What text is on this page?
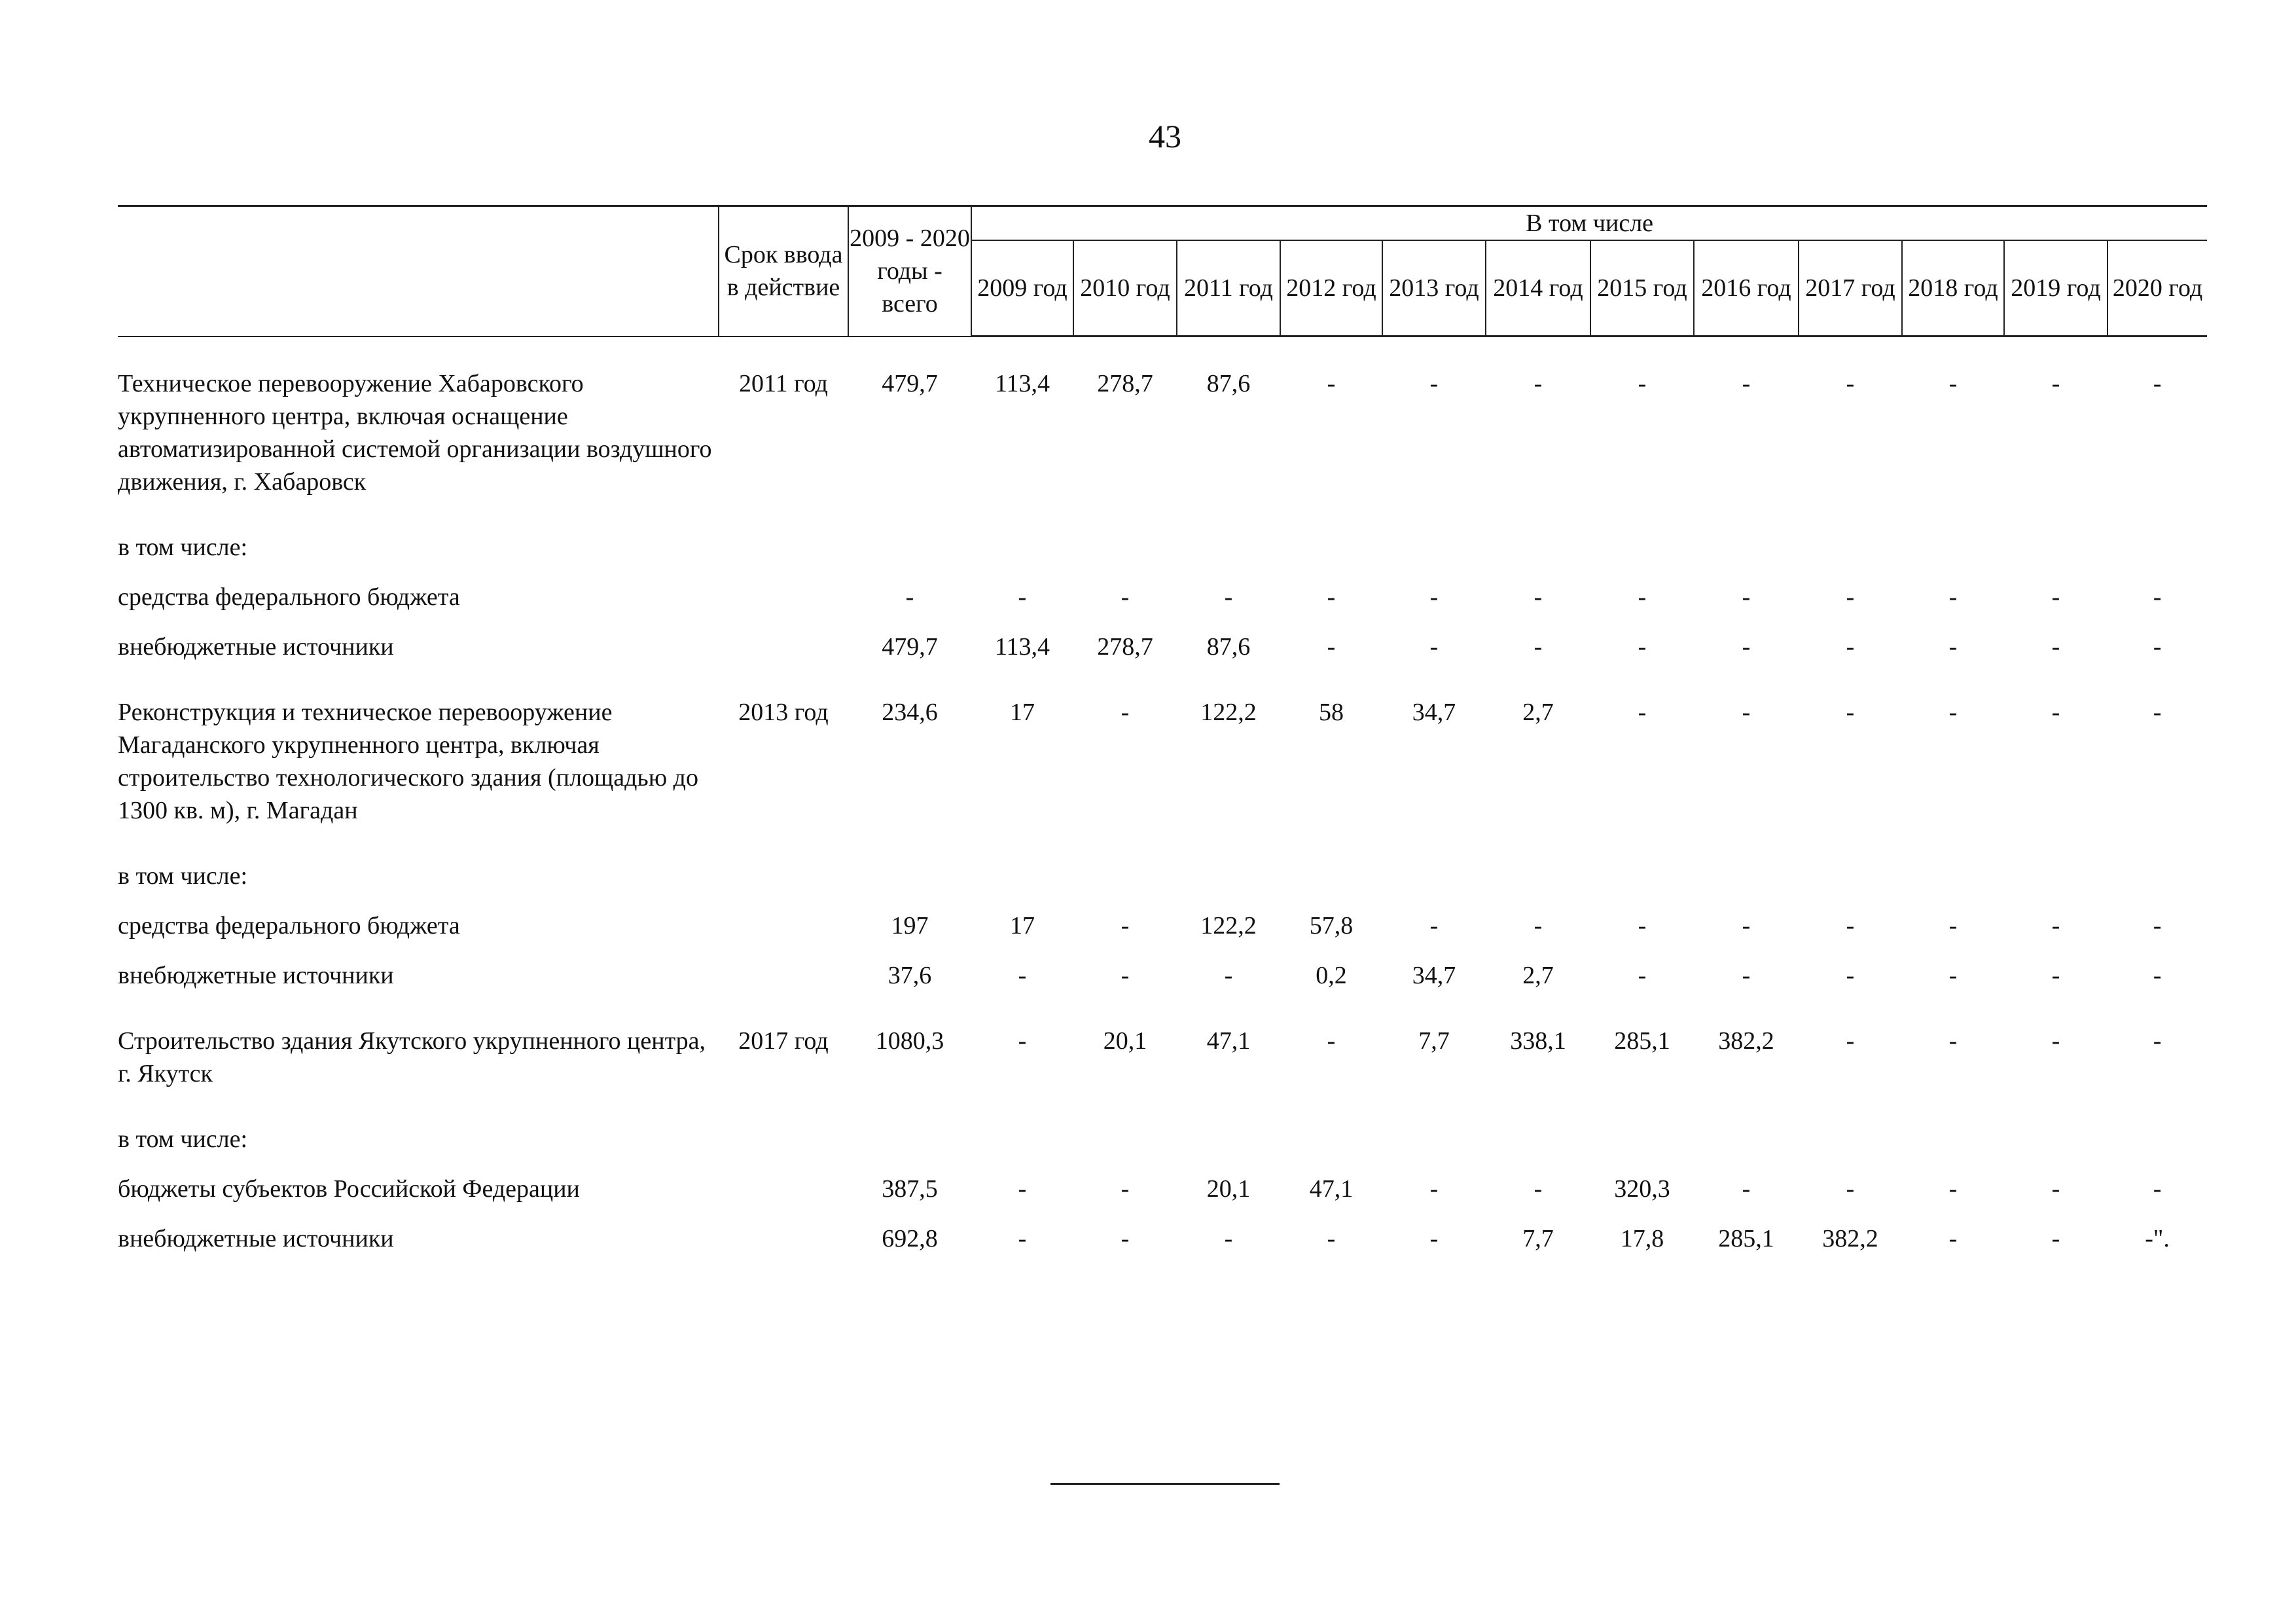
43
	Срок ввода в действие	2009 - 2020 годы - всего	В том числе											
			2009 год	2010 год	2011 год	2012 год	2013 год	2014 год	2015 год	2016 год	2017 год	2018 год	2019 год	2020 год

Техническое перевооружение Хабаровского укрупненного центра, включая оснащение автоматизированной системой организации воздушного движения, г. Хабаровск	2011 год	479,7	113,4	278,7	87,6	-	-	-	-	-	-	-	-	-

в том числе:														

средства федерального бюджета		-	-	-	-	-	-	-	-	-	-	-	-	-

внебюджетные источники		479,7	113,4	278,7	87,6	-	-	-	-	-	-	-	-	-

Реконструкция и техническое перевооружение Магаданского укрупненного центра, включая строительство технологического здания (площадью до 1300 кв. м), г. Магадан	2013 год	234,6	17	-	122,2	58	34,7	2,7	-	-	-	-	-	-

в том числе:														

средства федерального бюджета		197	17	-	122,2	57,8	-	-	-	-	-	-	-	-

внебюджетные источники		37,6	-	-	-	0,2	34,7	2,7	-	-	-	-	-	-

Строительство здания Якутского укрупненного центра, г. Якутск	2017 год	1080,3	-	20,1	47,1	-	7,7	338,1	285,1	382,2	-	-	-	-

в том числе:														

бюджеты субъектов Российской Федерации		387,5	-	-	20,1	47,1	-	-	320,3	-	-	-	-	-

внебюджетные источники		692,8	-	-	-	-	-	7,7	17,8	285,1	382,2	-	-	-".
